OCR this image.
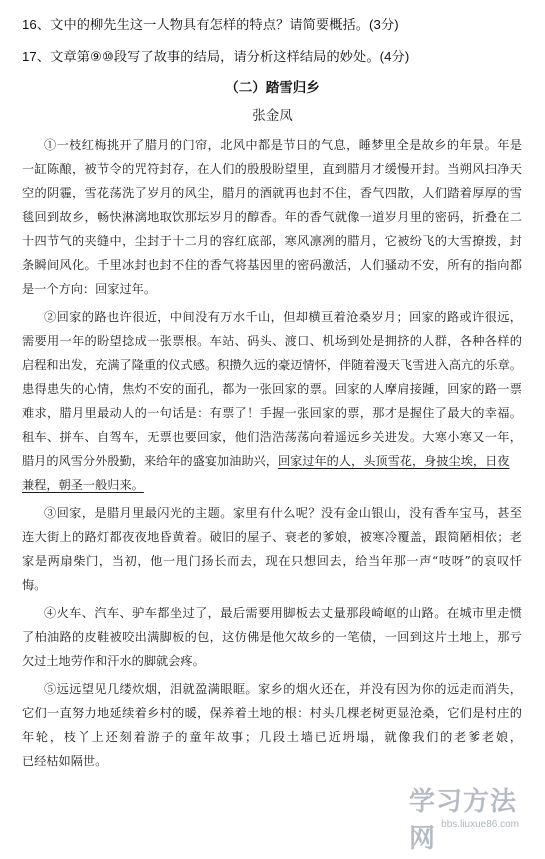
16、文中的柳先生这一人物具有怎样的特点？请简要概括。(3分)
17、文章第⑨⑩段写了故事的结局，请分析这样结局的妙处。(4分)
（二）踏雪归乡
张金凤
①一枝红梅挑开了腊月的门帘，北风中都是节日的气息，睡梦里全是故乡的年景。年是
一缸陈酿，被节令的咒符封存，在人们的殷殷盼望里，直到腊月才缓慢开封。当朔风扫净天
空的阴霾，雪花荡洗了岁月的风尘，腊月的酒就再也封不住，香气四散，人们踏着厚厚的雪
毯回到故乡，畅快淋漓地取饮那坛岁月的醇香。年的香气就像一道岁月里的密码，折叠在二
十四节气的夹缝中，尘封于十二月的容红底部，寒风凛冽的腊月，它被纷飞的大雪撩拨，封
条瞬间风化。千里冰封也封不住的香气将基因里的密码激活，人们骚动不安，所有的指向都
是一个方向：回家过年。
②回家的路也许很近，中间没有万水千山，但却横亘着沧桑岁月；回家的路或许很远，
需要用一年的盼望捻成一张票根。车站、码头、渡口、机场到处是拥挤的人群，各种各样的
启程和出发，充满了隆重的仪式感。积攒久远的豪迈情怀，伴随着漫天飞雪进入高亢的乐章。
患得患失的心情，焦灼不安的面孔，都为一张回家的票。回家的人摩肩接踵，回家的路一票
难求，腊月里最动人的一句话是：有票了！手握一张回家的票，那才是握住了最大的幸福。
租车、拼车、自驾车，无票也要回家，他们浩浩荡荡向着遥远乡关进发。大寒小寒又一年，
腊月的风雪分外殷勤，来给年的盛宴加油助兴，回家过年的人，头顶雪花，身披尘埃，日夜
兼程，朝圣一般归来。
③回家，是腊月里最闪光的主题。家里有什么呢？没有金山银山，没有香车宝马，甚至
连大街上的路灯都夜夜地昏黄着。破旧的屋子、衰老的爹娘，被寒冷覆盖，跟简陋相依；老
家是两扇柴门，当初，他一甩门扬长而去，现在只想回去，给当年那一声“吱呀”的哀叹忏
悔。
④火车、汽车、驴车都坐过了，最后需要用脚板去丈量那段崎岖的山路。在城市里走惯
了柏油路的皮鞋被咬出满脚板的包，这仿佛是他欠故乡的一笔债，一回到这片土地上，那亏
欠过土地劳作和汗水的脚就会疼。
⑤远远望见几缕炊烟，泪就盈满眼眶。家乡的烟火还在，并没有因为你的远走而消失，
它们一直努力地延续着乡村的暖，保养着土地的根：村头几棵老树更显沧桑，它们是村庄的
年轮，枝丫上还刻着游子的童年故事；几段土墙已近坍塌，就像我们的老爹老娘，
已经枯如隔世。
学习方法网 bbs.liuxue86.com
